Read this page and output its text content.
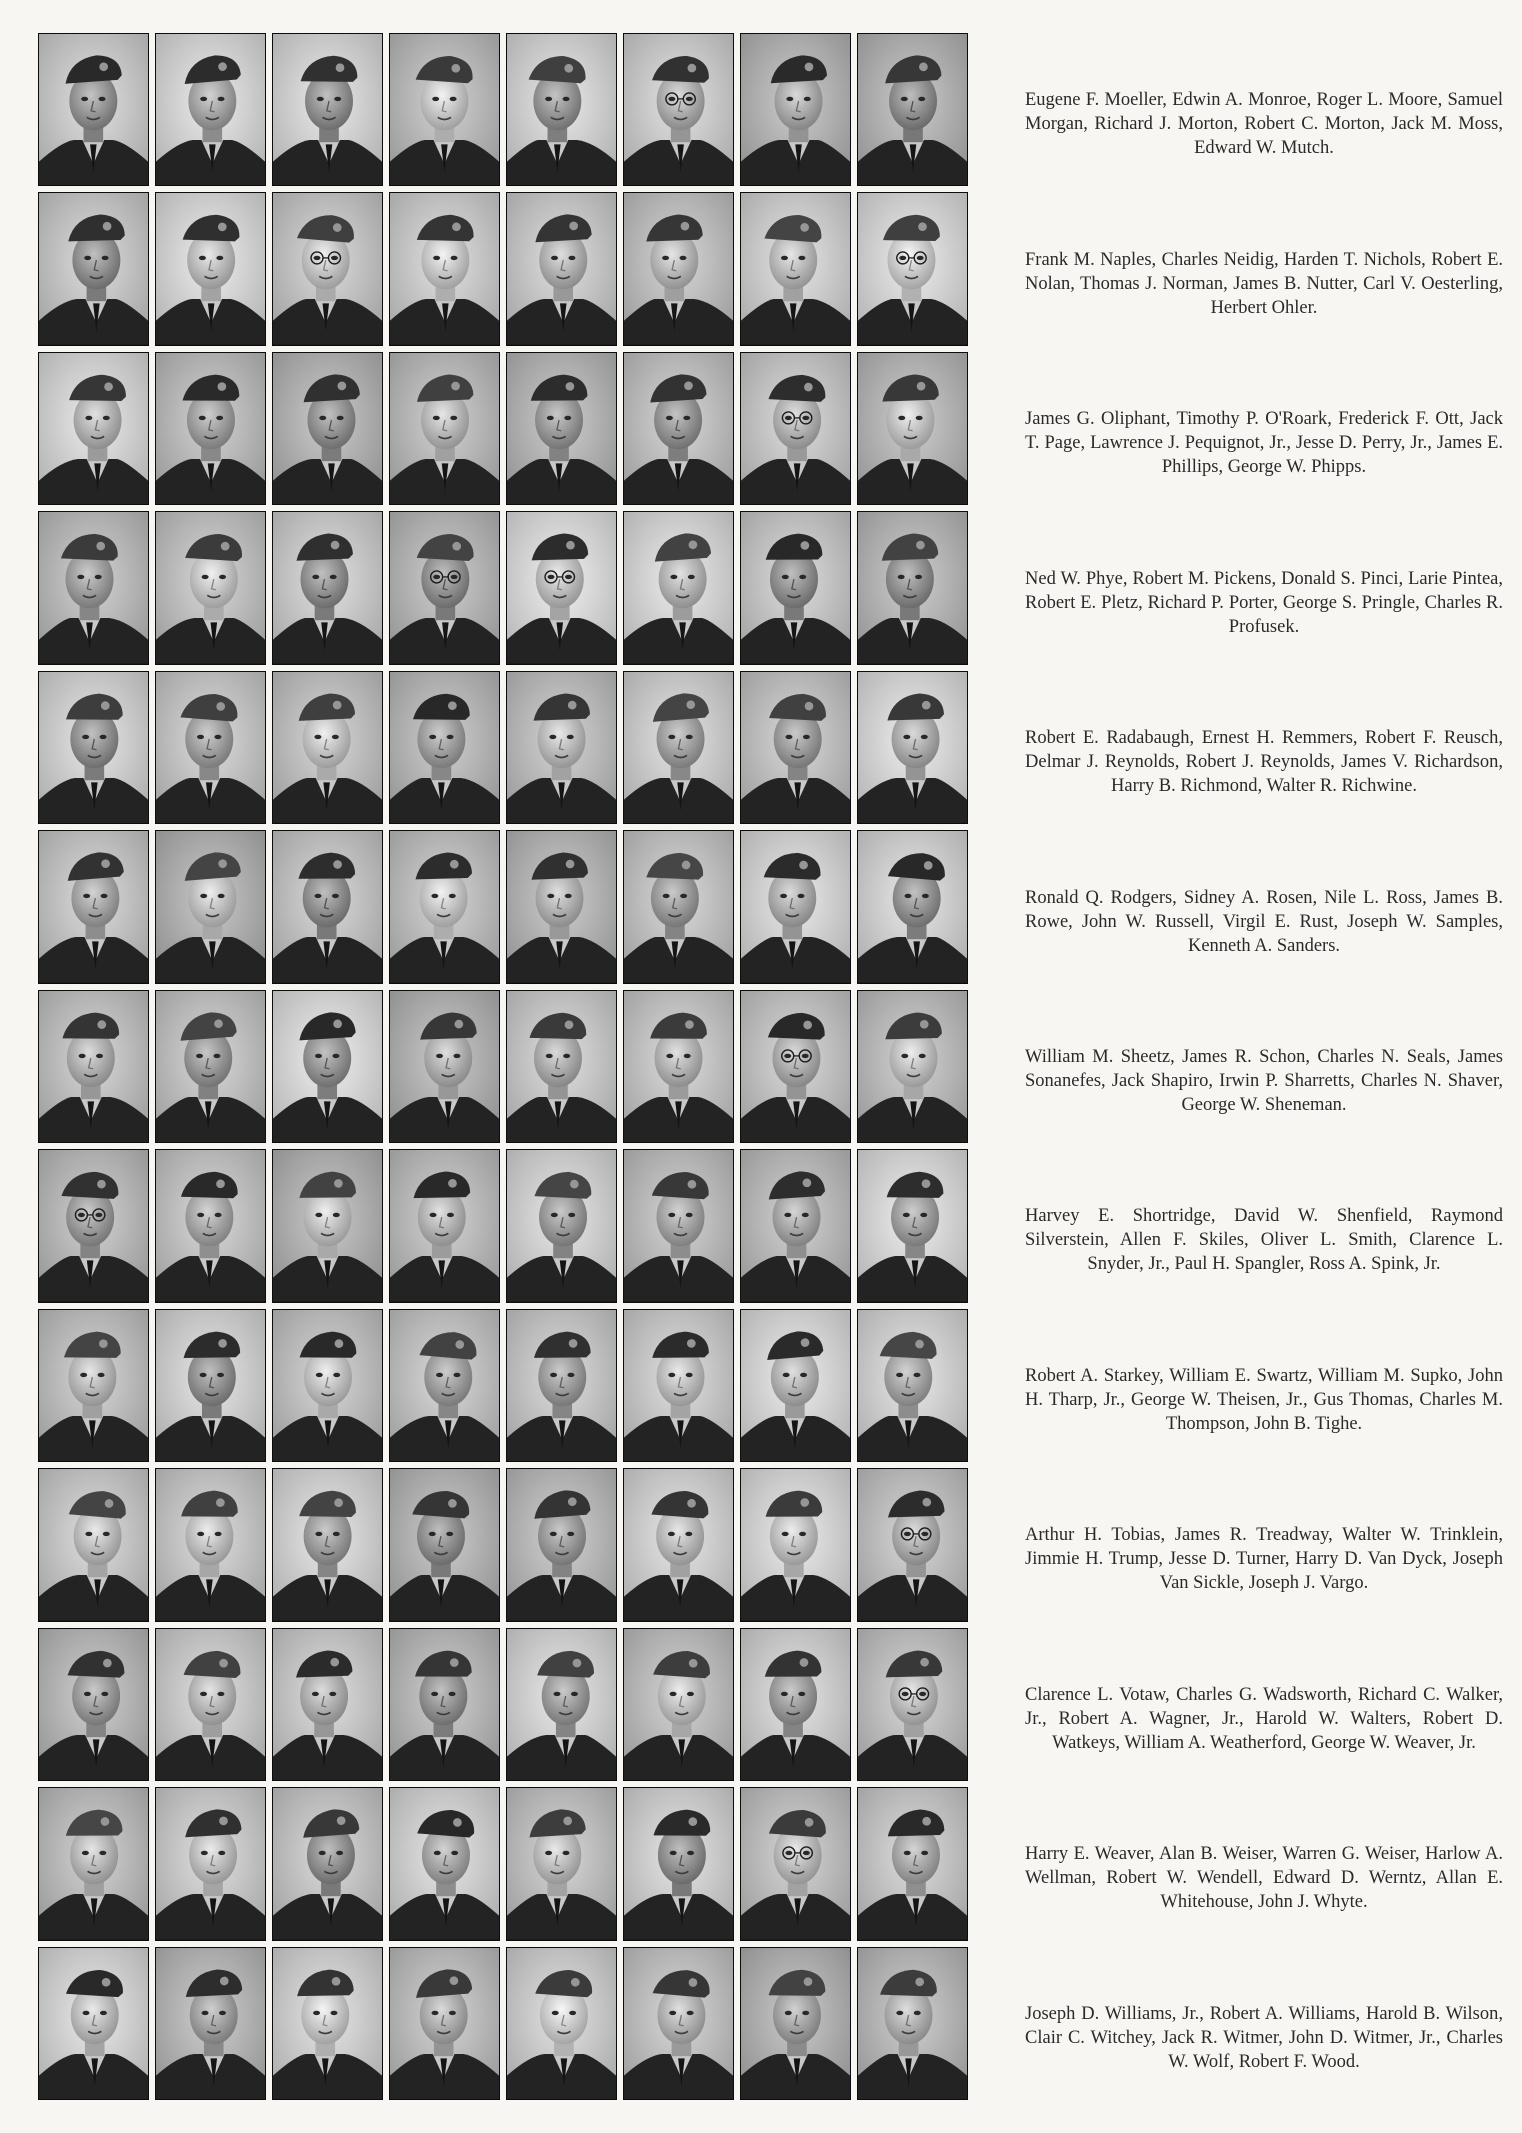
Eugene F. Moeller, Edwin A. Monroe, Roger L. Moore, Samuel Morgan, Richard J. Morton, Robert C. Morton, Jack M. Moss, Edward W. Mutch.

Frank M. Naples, Charles Neidig, Harden T. Nichols, Robert E. Nolan, Thomas J. Norman, James B. Nutter, Carl V. Oesterling, Herbert Ohler.

James G. Oliphant, Timothy P. O'Roark, Frederick F. Ott, Jack T. Page, Lawrence J. Pequignot, Jr., Jesse D. Perry, Jr., James E. Phillips, George W. Phipps.

Ned W. Phye, Robert M. Pickens, Donald S. Pinci, Larie Pintea, Robert E. Pletz, Richard P. Porter, George S. Pringle, Charles R. Profusek.

Robert E. Radabaugh, Ernest H. Remmers, Robert F. Reusch, Delmar J. Reynolds, Robert J. Reynolds, James V. Richardson, Harry B. Richmond, Walter R. Richwine.

Ronald Q. Rodgers, Sidney A. Rosen, Nile L. Ross, James B. Rowe, John W. Russell, Virgil E. Rust, Joseph W. Samples, Kenneth A. Sanders.

William M. Sheetz, James R. Schon, Charles N. Seals, James Sonanefes, Jack Shapiro, Irwin P. Sharretts, Charles N. Shaver, George W. Sheneman.

Harvey E. Shortridge, David W. Shenfield, Raymond Silverstein, Allen F. Skiles, Oliver L. Smith, Clarence L. Snyder, Jr., Paul H. Spangler, Ross A. Spink, Jr.

Robert A. Starkey, William E. Swartz, William M. Supko, John H. Tharp, Jr., George W. Theisen, Jr., Gus Thomas, Charles M. Thompson, John B. Tighe.

Arthur H. Tobias, James R. Treadway, Walter W. Trinklein, Jimmie H. Trump, Jesse D. Turner, Harry D. Van Dyck, Joseph Van Sickle, Joseph J. Vargo.

Clarence L. Votaw, Charles G. Wadsworth, Richard C. Walker, Jr., Robert A. Wagner, Jr., Harold W. Walters, Robert D. Watkeys, William A. Weatherford, George W. Weaver, Jr.

Harry E. Weaver, Alan B. Weiser, Warren G. Weiser, Harlow A. Wellman, Robert W. Wendell, Edward D. Werntz, Allan E. Whitehouse, John J. Whyte.

Joseph D. Williams, Jr., Robert A. Williams, Harold B. Wilson, Clair C. Witchey, Jack R. Witmer, John D. Witmer, Jr., Charles W. Wolf, Robert F. Wood.
